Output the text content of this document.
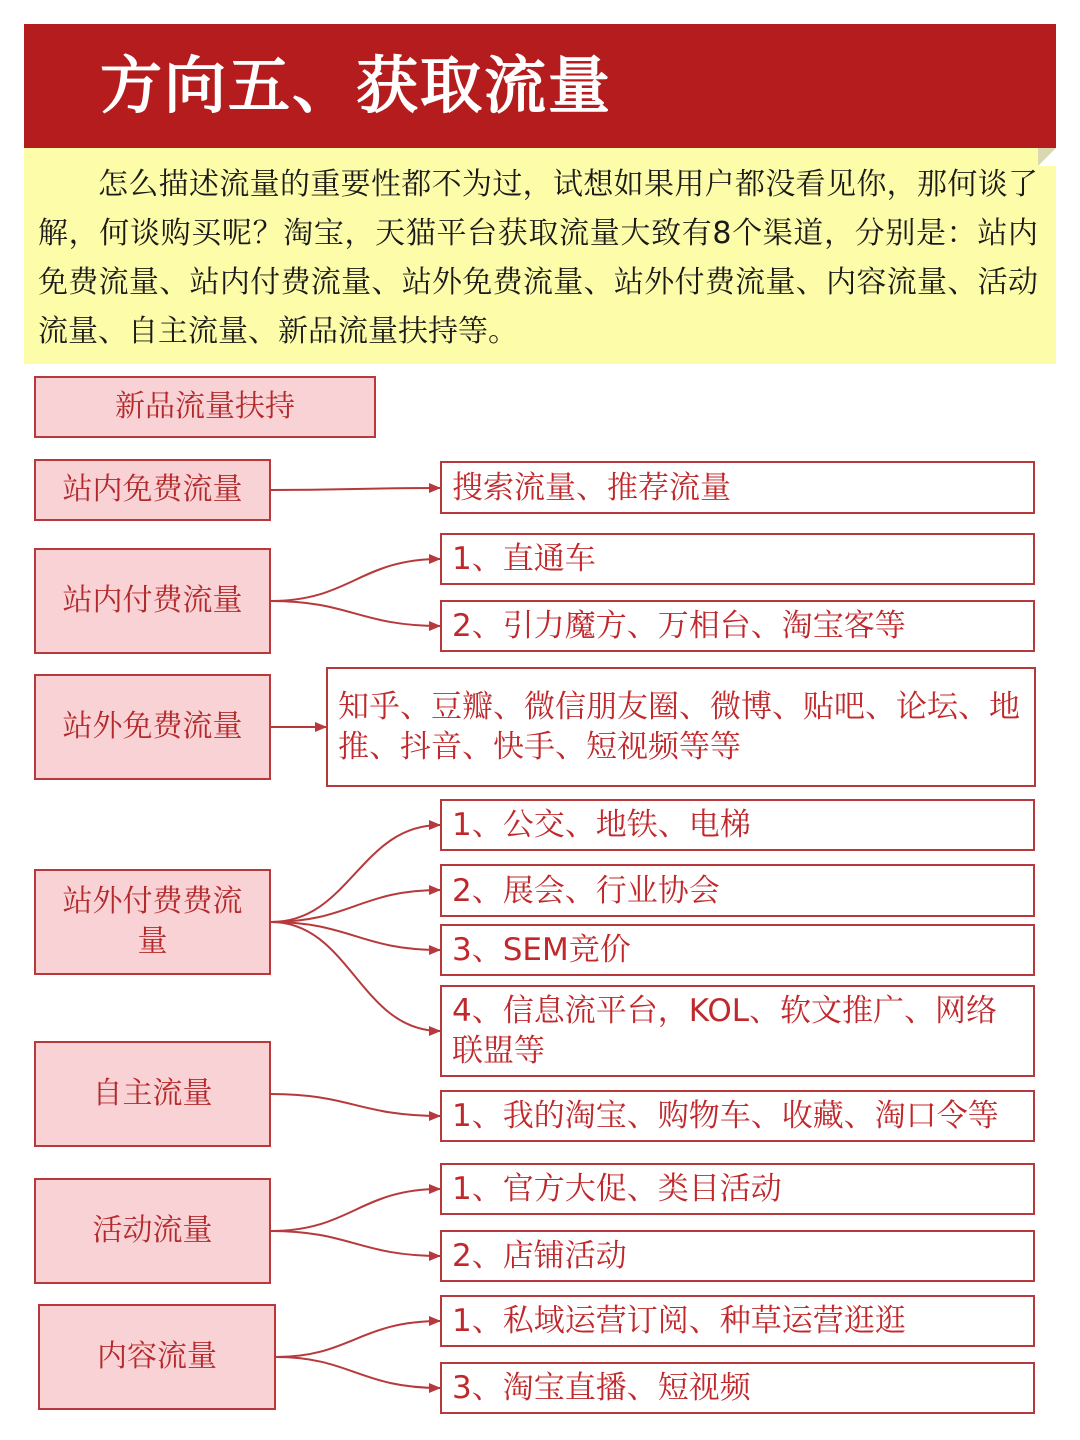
方向五、获取流量
怎么描述流量的重要性都不为过，试想如果用户都没看见你，那何谈了解，何谈购买呢？淘宝，天猫平台获取流量大致有8个渠道，分别是：站内免费流量、站内付费流量、站外免费流量、站外付费流量、内容流量、活动流量、自主流量、新品流量扶持等。
新品流量扶持
站内免费流量
站内付费流量
站外免费流量
站外付费费流量
自主流量
活动流量
内容流量
搜索流量、推荐流量
1、直通车
2、引力魔方、万相台、淘宝客等
知乎、豆瓣、微信朋友圈、微博、贴吧、论坛、地推、抖音、快手、短视频等等
1、公交、地铁、电梯
2、展会、行业协会
3、SEM竞价
4、信息流平台，KOL、软文推广、网络联盟等
1、我的淘宝、购物车、收藏、淘口令等
1、官方大促、类目活动
2、店铺活动
1、私域运营订阅、种草运营逛逛
3、淘宝直播、短视频
